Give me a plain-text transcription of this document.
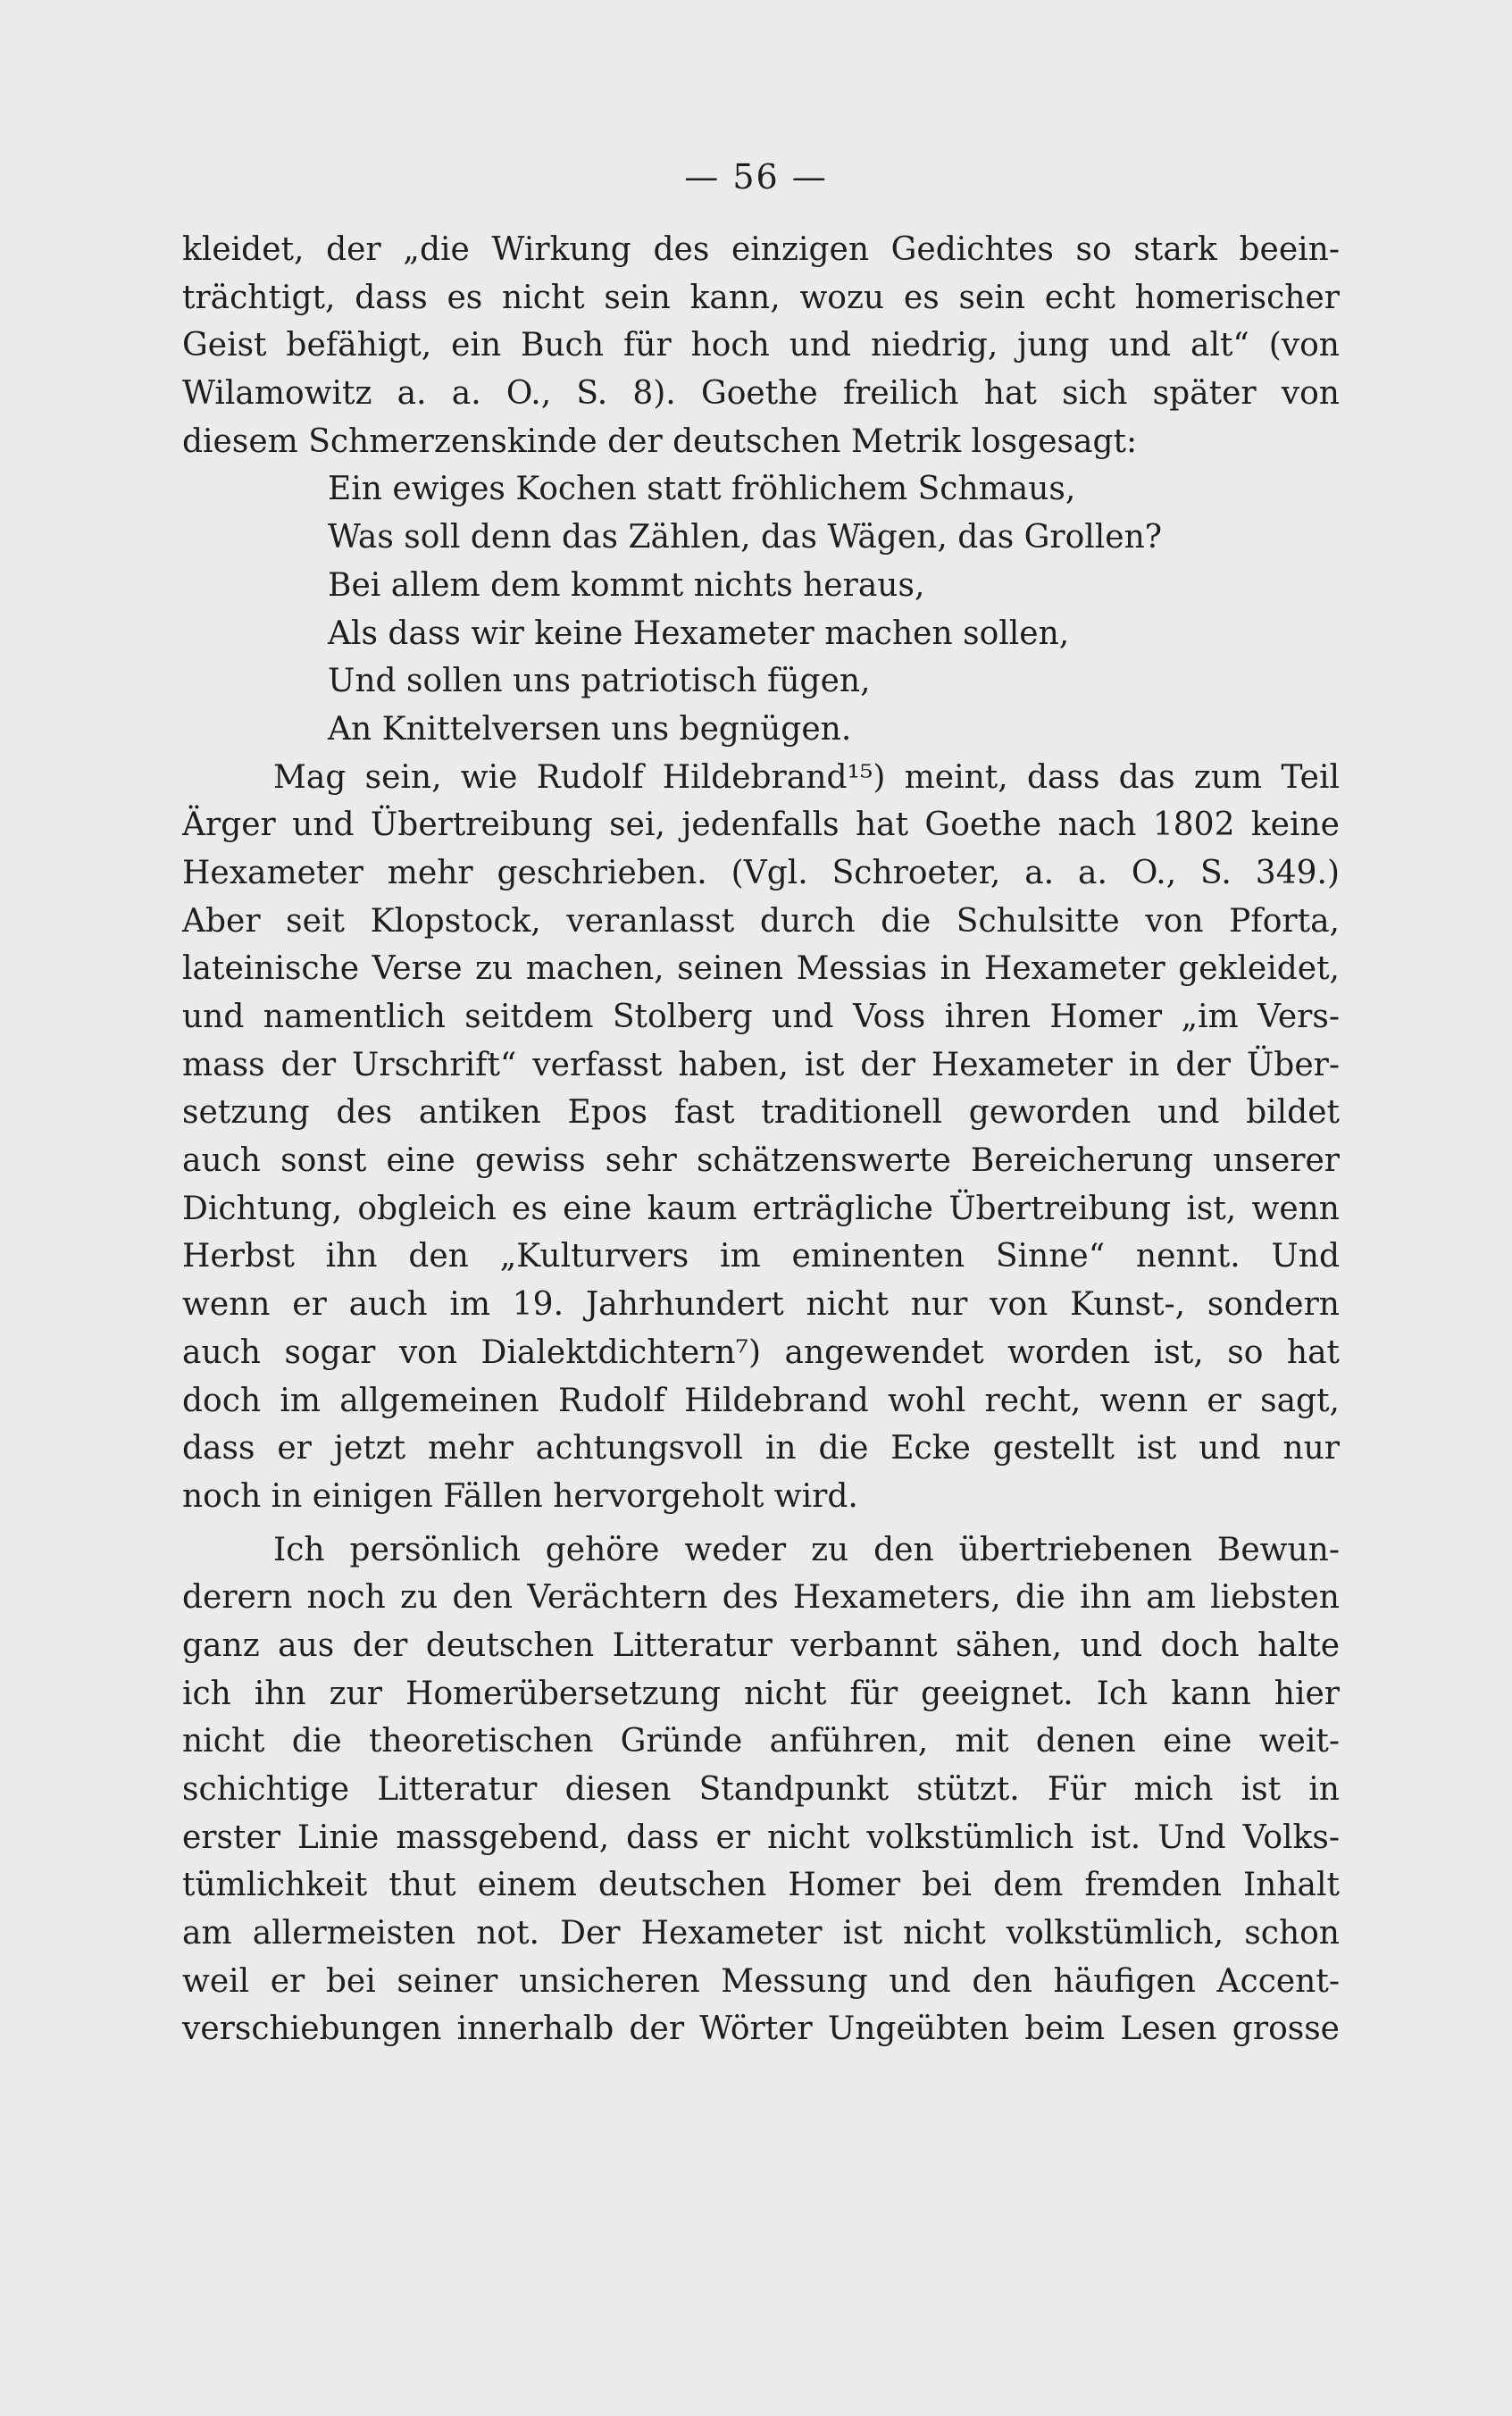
— 56 —
kleidet, der „die Wirkung des einzigen Gedichtes so stark beein-
trächtigt, dass es nicht sein kann, wozu es sein echt homerischer
Geist befähigt, ein Buch für hoch und niedrig, jung und alt“ (von
Wilamowitz a. a. O., S. 8). Goethe freilich hat sich später von
diesem Schmerzenskinde der deutschen Metrik losgesagt:
Ein ewiges Kochen statt fröhlichem Schmaus,
Was soll denn das Zählen, das Wägen, das Grollen?
Bei allem dem kommt nichts heraus,
Als dass wir keine Hexameter machen sollen,
Und sollen uns patriotisch fügen,
An Knittelversen uns begnügen.
Mag sein, wie Rudolf Hildebrand¹⁵) meint, dass das zum Teil
Ärger und Übertreibung sei, jedenfalls hat Goethe nach 1802 keine
Hexameter mehr geschrieben. (Vgl. Schroeter, a. a. O., S. 349.)
Aber seit Klopstock, veranlasst durch die Schulsitte von Pforta,
lateinische Verse zu machen, seinen Messias in Hexameter gekleidet,
und namentlich seitdem Stolberg und Voss ihren Homer „im Vers-
mass der Urschrift“ verfasst haben, ist der Hexameter in der Über-
setzung des antiken Epos fast traditionell geworden und bildet
auch sonst eine gewiss sehr schätzenswerte Bereicherung unserer
Dichtung, obgleich es eine kaum erträgliche Übertreibung ist, wenn
Herbst ihn den „Kulturvers im eminenten Sinne“ nennt. Und
wenn er auch im 19. Jahrhundert nicht nur von Kunst-, sondern
auch sogar von Dialektdichtern⁷) angewendet worden ist, so hat
doch im allgemeinen Rudolf Hildebrand wohl recht, wenn er sagt,
dass er jetzt mehr achtungsvoll in die Ecke gestellt ist und nur
noch in einigen Fällen hervorgeholt wird.
Ich persönlich gehöre weder zu den übertriebenen Bewun-
derern noch zu den Verächtern des Hexameters, die ihn am liebsten
ganz aus der deutschen Litteratur verbannt sähen, und doch halte
ich ihn zur Homerübersetzung nicht für geeignet. Ich kann hier
nicht die theoretischen Gründe anführen, mit denen eine weit-
schichtige Litteratur diesen Standpunkt stützt. Für mich ist in
erster Linie massgebend, dass er nicht volkstümlich ist. Und Volks-
tümlichkeit thut einem deutschen Homer bei dem fremden Inhalt
am allermeisten not. Der Hexameter ist nicht volkstümlich, schon
weil er bei seiner unsicheren Messung und den häufigen Accent-
verschiebungen innerhalb der Wörter Ungeübten beim Lesen grosse
